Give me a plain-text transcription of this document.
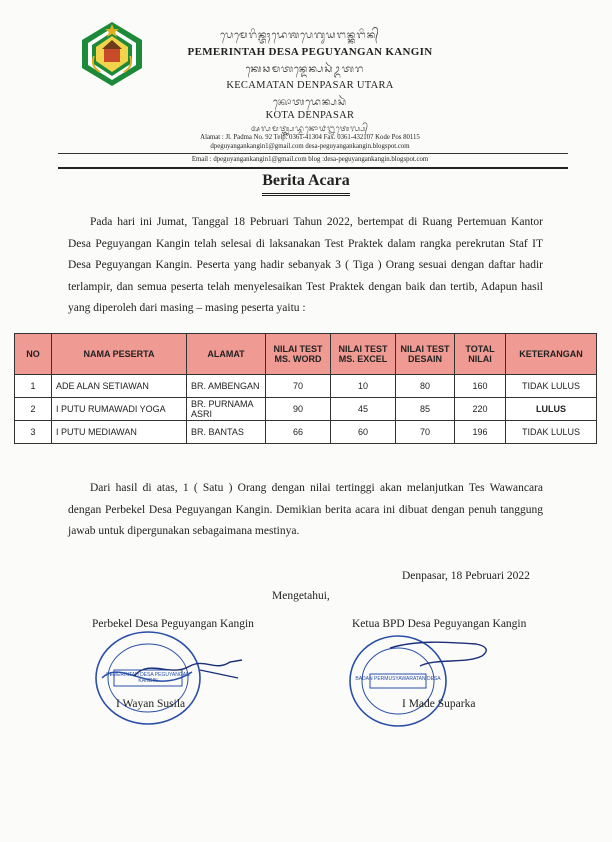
ᬧᬾᬫᬾᬭᬶᬦ᭄ᬢᬄᬤᬾᬰᬧᬾᬕᬸᬬᬗᬦ᭄ᬓᬗᬶᬦ᭄
PEMERINTAH DESA PEGUYANGAN KANGIN
ᬓᬾᬘᬫᬢᬦ᭄ᬤᬾᬦ᭄ᬧᬲᬃᬉᬢᬭ
KECAMATAN DENPASAR UTARA
ᬓᭀᬢᬤᬾᬦ᭄ᬧᬲᬃ
KOTA DENPASAR
ᬅᬮᬫᬢ᭄ᬚ᭄ᬮ᭄ᬧᬤ᭄ᬫᬦᭀ᭙᭒ᬢᬾᬮ᭄ᬧ᭄
Alamat : Jl. Padma No. 92 Telp. 0361-41304 Fax. 0361-432107 Kode Pos 80115
dpeguyangankangin1@gmail.com desa-peguyangankangin.blogspot.com
Email : dpeguyangankangin1@gmail.com blog :desa-peguyangankangin.blogspot.com
Berita Acara
Pada hari ini Jumat, Tanggal 18 Pebruari Tahun 2022, bertempat di Ruang Pertemuan Kantor Desa Peguyangan Kangin telah selesai di laksanakan Test Praktek dalam rangka perekrutan Staf IT Desa Peguyangan Kangin. Peserta yang hadir sebanyak 3 ( Tiga ) Orang sesuai dengan daftar hadir terlampir, dan semua peserta telah menyelesaikan Test Praktek dengan baik dan tertib, Adapun hasil yang diperoleh dari masing – masing peserta yaitu :
NO	NAMA PESERTA	ALAMAT	NILAI TEST MS. WORD	NILAI TEST MS. EXCEL	NILAI TEST DESAIN	TOTAL NILAI	KETERANGAN
1	ADE ALAN SETIAWAN	BR. AMBENGAN	70	10	80	160	TIDAK LULUS
2	I PUTU RUMAWADI YOGA	BR. PURNAMA ASRI	90	45	85	220	LULUS
3	I PUTU MEDIAWAN	BR. BANTAS	66	60	70	196	TIDAK LULUS
Dari hasil di atas, 1 ( Satu ) Orang dengan nilai tertinggi akan melanjutkan Tes Wawancara dengan Perbekel Desa Peguyangan Kangin. Demikian berita acara ini dibuat dengan penuh tanggung jawab untuk dipergunakan sebagaimana mestinya.
Denpasar, 18 Pebruari 2022
Mengetahui,
Perbekel Desa Peguyangan Kangin	Ketua BPD Desa Peguyangan Kangin
PEMERINTAH DESA PEGUYANGAN KANGIN	BADAN PERMUSYAWARATAN DESA
I Wayan Susila	I Made Suparka
